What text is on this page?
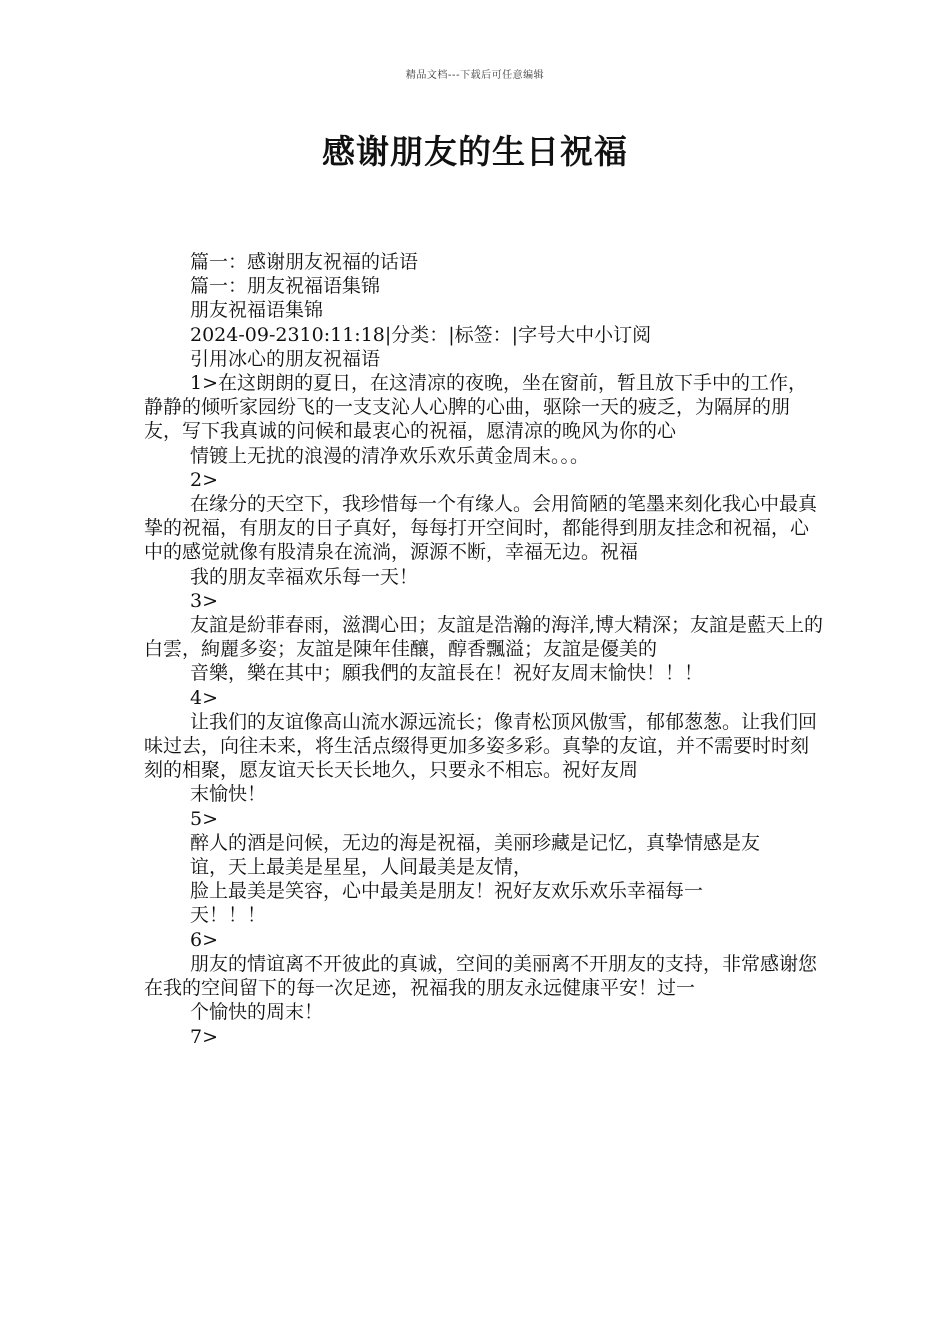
精品文档---下载后可任意编辑
感谢朋友的生日祝福

篇一：感谢朋友祝福的话语

篇一：朋友祝福语集锦

朋友祝福语集锦

2024-09-2310:11:18|分类：|标签：|字号大中小订阅

引用冰心的朋友祝福语

1>在这朗朗的夏日，在这清凉的夜晚，坐在窗前，暂且放下手中的工作，静静的倾听家园纷飞的一支支沁人心脾的心曲，驱除一天的疲乏，为隔屏的朋友，写下我真诚的问候和最衷心的祝福，愿清凉的晚风为你的心

情镀上无扰的浪漫的清净欢乐欢乐黄金周末。。。

2>

在缘分的天空下，我珍惜每一个有缘人。会用简陋的笔墨来刻化我心中最真挚的祝福，有朋友的日子真好，每每打开空间时，都能得到朋友挂念和祝福，心中的感觉就像有股清泉在流淌，源源不断，幸福无边。祝福

我的朋友幸福欢乐每一天！

3>

友誼是紛菲春雨，滋潤心田；友誼是浩瀚的海洋,博大精深；友誼是藍天上的白雲，絢麗多姿；友誼是陳年佳釀，醇香飄溢；友誼是優美的

音樂，樂在其中；願我們的友誼長在！祝好友周末愉快！！！

4>

让我们的友谊像高山流水源远流长；像青松顶风傲雪，郁郁葱葱。让我们回味过去，向往未来，将生活点缀得更加多姿多彩。真挚的友谊，并不需要时时刻刻的相聚，愿友谊天长天长地久，只要永不相忘。祝好友周

末愉快！

5>

醉人的酒是问候，无边的海是祝福，美丽珍藏是记忆，真挚情感是友

谊，天上最美是星星，人间最美是友情，

脸上最美是笑容，心中最美是朋友！祝好友欢乐欢乐幸福每一

天！！！

6>

朋友的情谊离不开彼此的真诚，空间的美丽离不开朋友的支持，非常感谢您在我的空间留下的每一次足迹，祝福我的朋友永远健康平安！过一

个愉快的周末！

7>
